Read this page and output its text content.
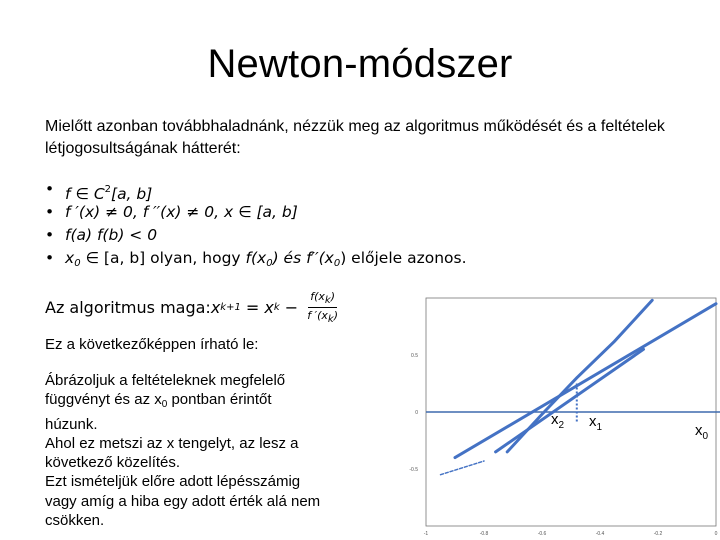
Newton-módszer
Mielőtt azonban továbbhaladnánk, nézzük meg az algoritmus működését és a feltételek létjogosultságának hátterét:
• f ∈ $C^2[a$, b]
• f ′(x) ≠ 0, f ′′(x) ≠ 0, x ∈ [a, b]
• f(a) f(b) < 0
• $x_0$ ∈ [a, b] olyan, hogy $f(x_0)$ és $f''(x_0)$ előjele azonos.
Az algoritmus maga: x k+1 = x $k - \frac{f(xk)}{f '(xk)}$
Ez a következőképpen írható le:
Ábrázoljuk a feltételeknek megfelelő
függvényt és az $x_0$ pontban érintőt
húzunk.
Ahol ez metszi az x tengelyt, az lesz a
következő közelítés.
Ezt ismételjük előre adott lépésszámig
vagy amíg a hiba egy adott érték alá nem
csökken.
0.5
0
-0.5
-1	-0.8	-0.6	-0.4	-0.2	0
$x_2$ $x_1$	$x_0$
